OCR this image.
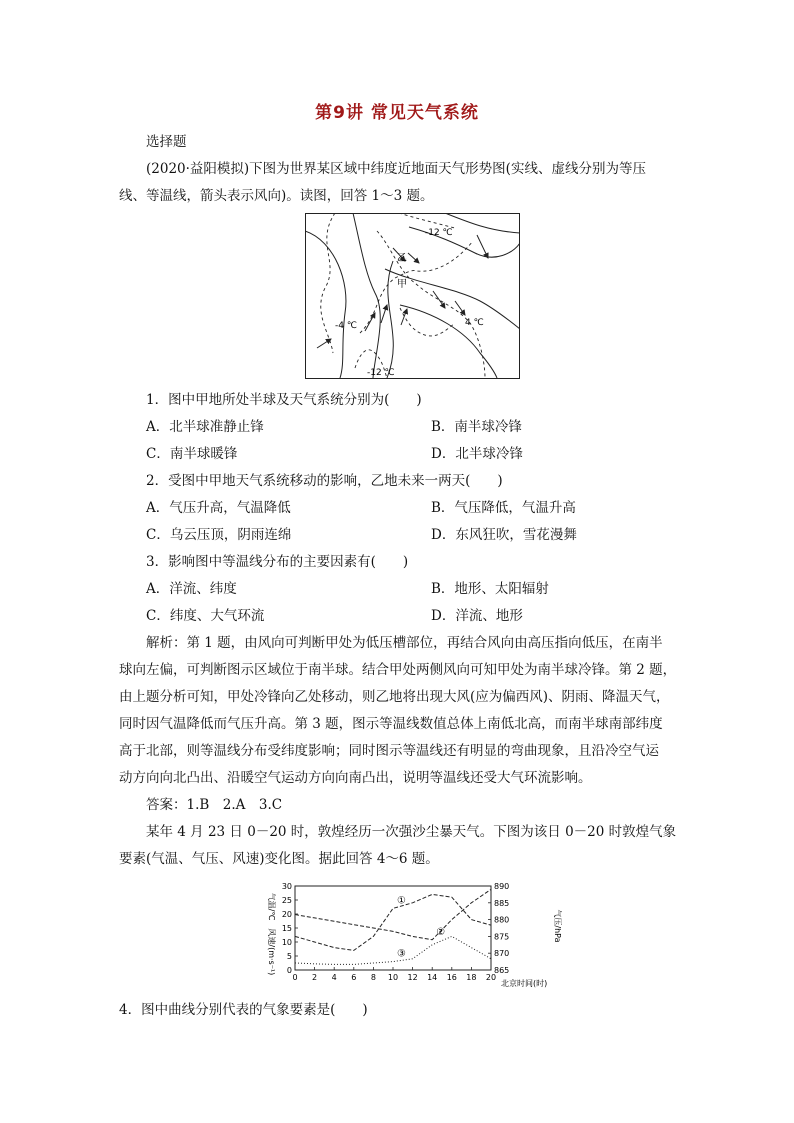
第9讲 常见天气系统
选择题
(2020·益阳模拟)下图为世界某区域中纬度近地面天气形势图(实线、虚线分别为等压
线、等温线，箭头表示风向)。读图，回答 1～3 题。
-12 ℃
-4 ℃	4 ℃
-12 ℃
乙
甲
1．图中甲地所处半球及天气系统分别为(　　)
A．北半球准静止锋	B．南半球冷锋
C．南半球暖锋	D．北半球冷锋
2．受图中甲地天气系统移动的影响，乙地未来一两天(　　)
A．气压升高，气温降低	B．气压降低，气温升高
C．乌云压顶，阴雨连绵	D．东风狂吹，雪花漫舞
3．影响图中等温线分布的主要因素有(　　)
A．洋流、纬度	B．地形、太阳辐射
C．纬度、大气环流	D．洋流、地形
解析：第 1 题，由风向可判断甲处为低压槽部位，再结合风向由高压指向低压，在南半
球向左偏，可判断图示区域位于南半球。结合甲处两侧风向可知甲处为南半球冷锋。第 2 题，
由上题分析可知，甲处冷锋向乙处移动，则乙地将出现大风(应为偏西风)、阴雨、降温天气，
同时因气温降低而气压升高。第 3 题，图示等温线数值总体上南低北高，而南半球南部纬度
高于北部，则等温线分布受纬度影响；同时图示等温线还有明显的弯曲现象，且沿冷空气运
动方向向北凸出、沿暖空气运动方向向南凸出，说明等温线还受大气环流影响。
答案：1.B　2.A　3.C
某年 4 月 23 日 0－20 时，敦煌经历一次强沙尘暴天气。下图为该日 0－20 时敦煌气象
要素(气温、气压、风速)变化图。据此回答 4～6 题。
①
②
③
0 2 4 6 8 10 12 14 16 18 20
0
5
10
15
20
25
30
865
870
875
880
885
890
气温/℃　风速/(m·s⁻¹)	气压/hPa
北京时间(时)
4．图中曲线分别代表的气象要素是(　　)
